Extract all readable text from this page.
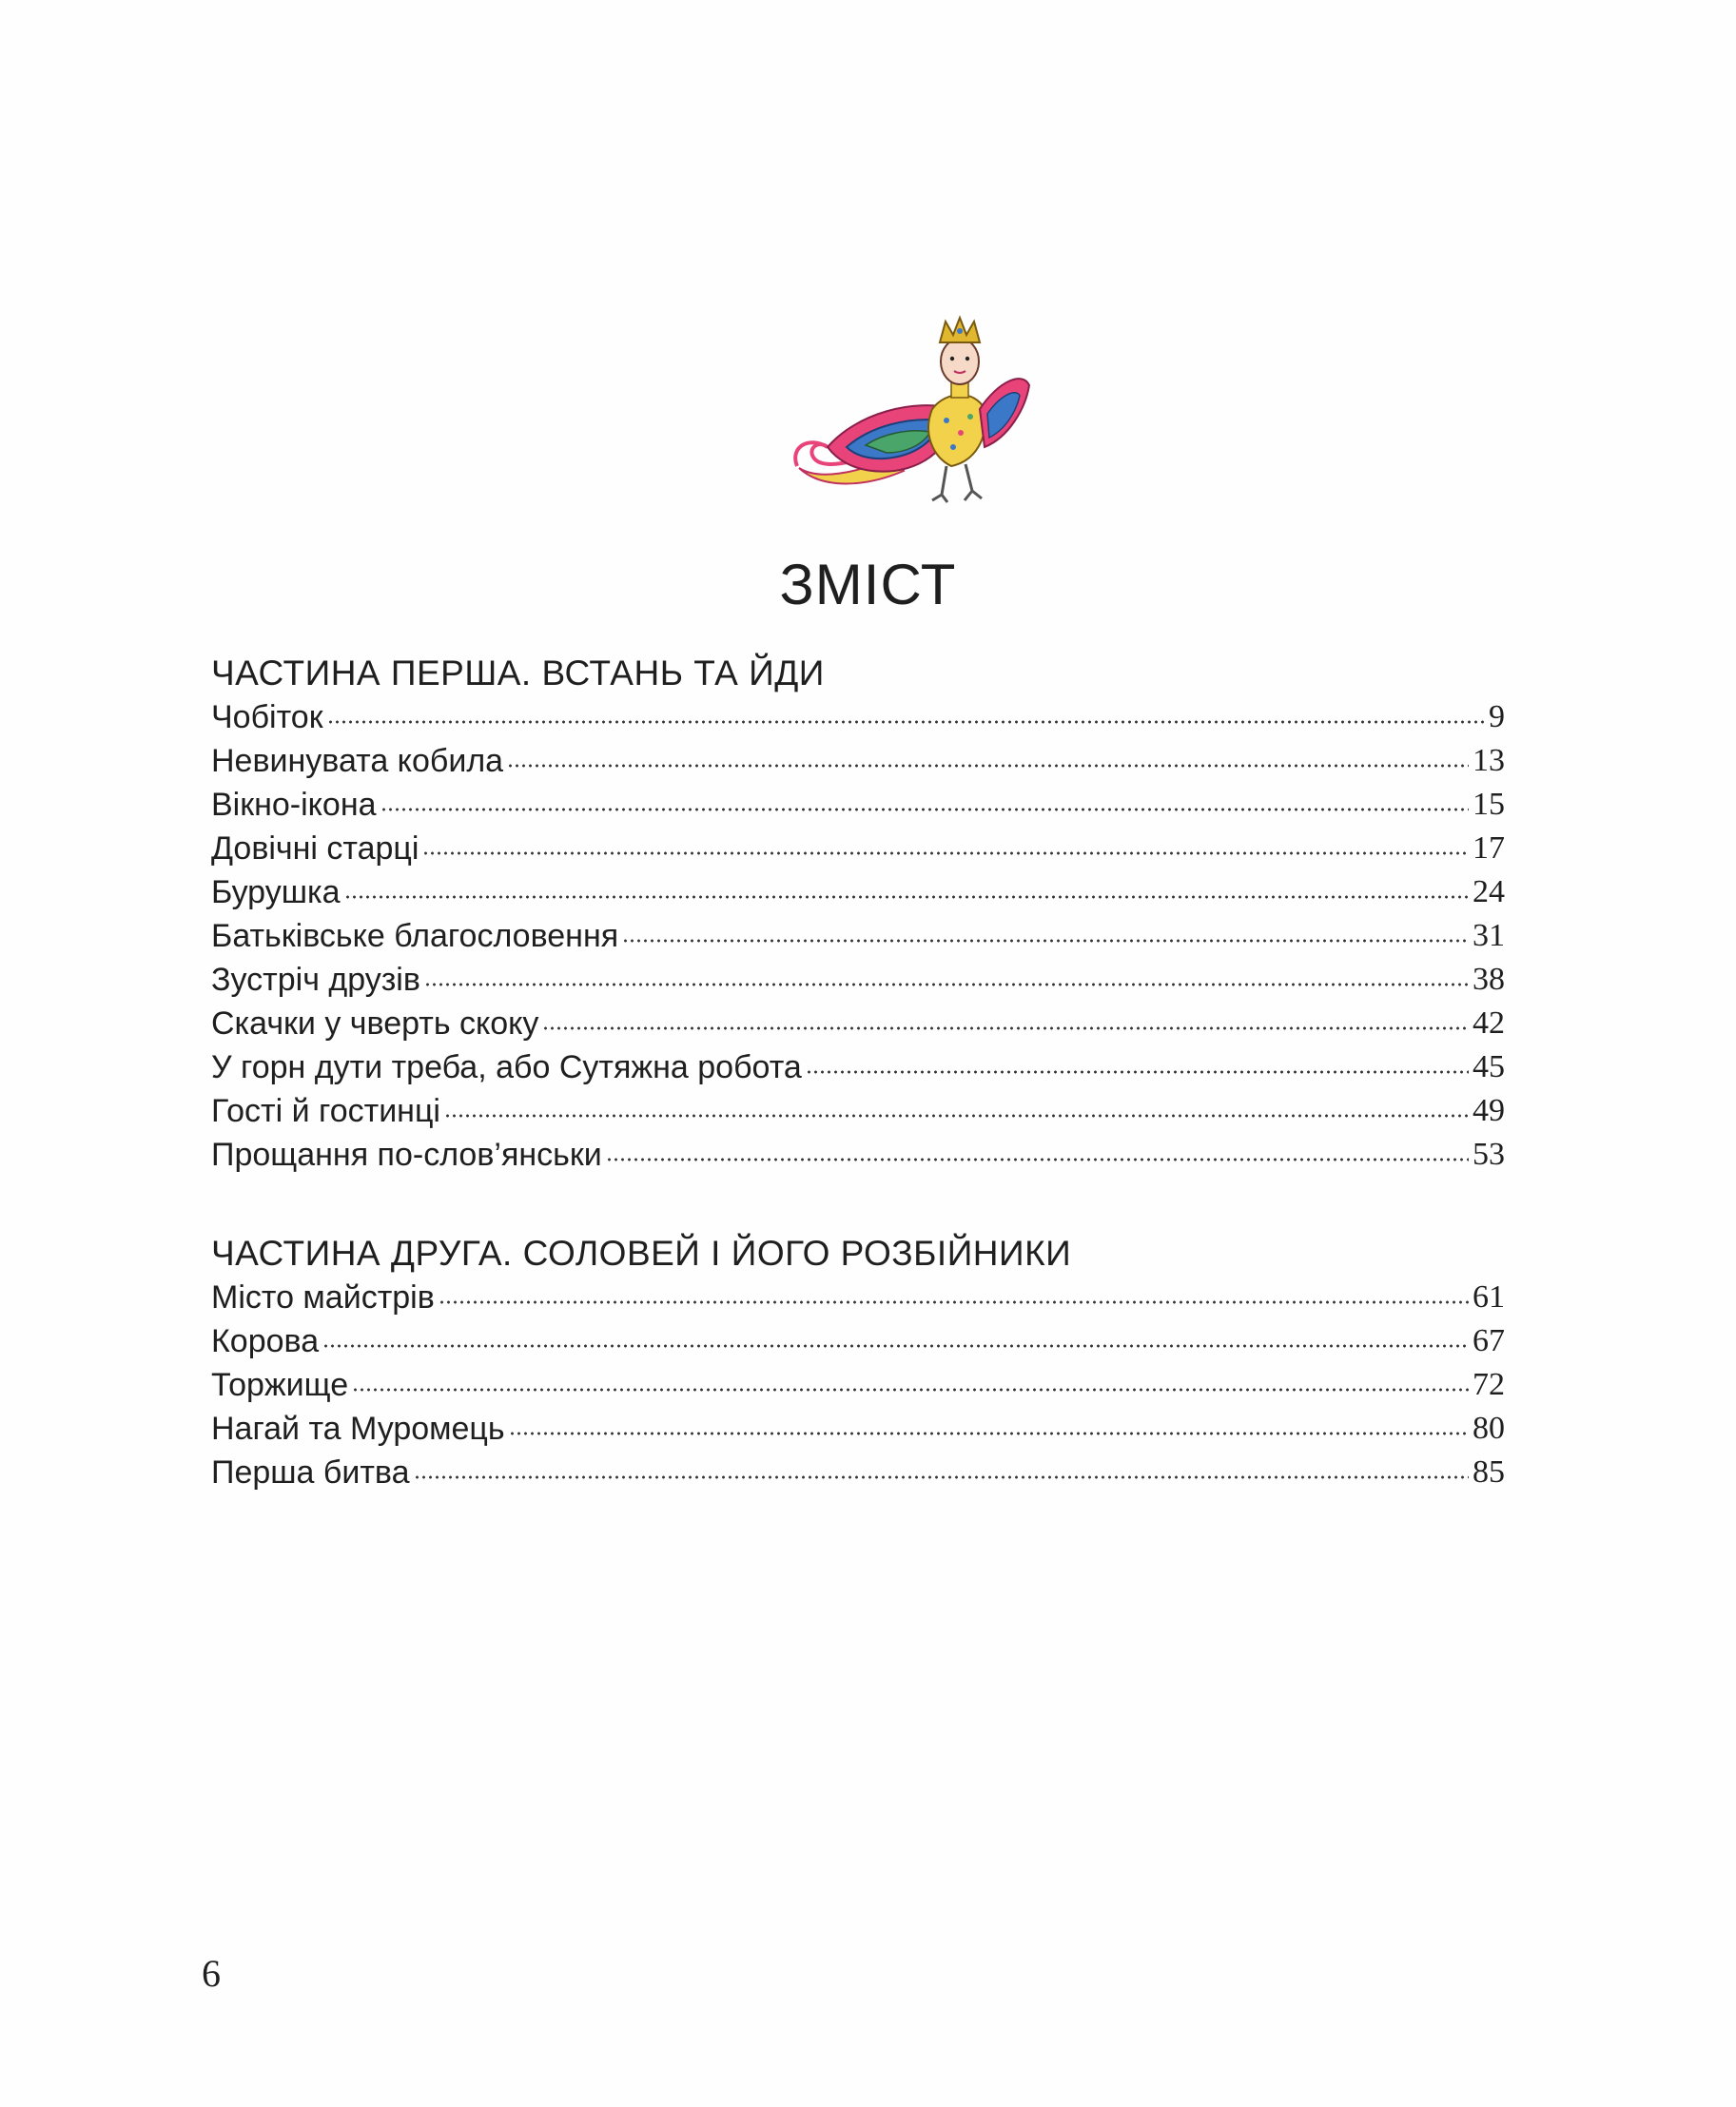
ЗМІСТ
ЧАСТИНА ПЕРША. ВСТАНЬ ТА ЙДИ
Чобіток	9
Невинувата кобила	13
Вікно-ікона	15
Довічні старці	17
Бурушка	24
Батьківське благословення	31
Зустріч друзів	38
Скачки у чверть скоку	42
У горн дути треба, або Сутяжна робота	45
Гості й гостинці	49
Прощання по-слов’янськи	53
ЧАСТИНА ДРУГА. СОЛОВЕЙ І ЙОГО РОЗБІЙНИКИ
Місто майстрів	61
Корова	67
Торжище	72
Нагай та Муромець	80
Перша битва	85
6
